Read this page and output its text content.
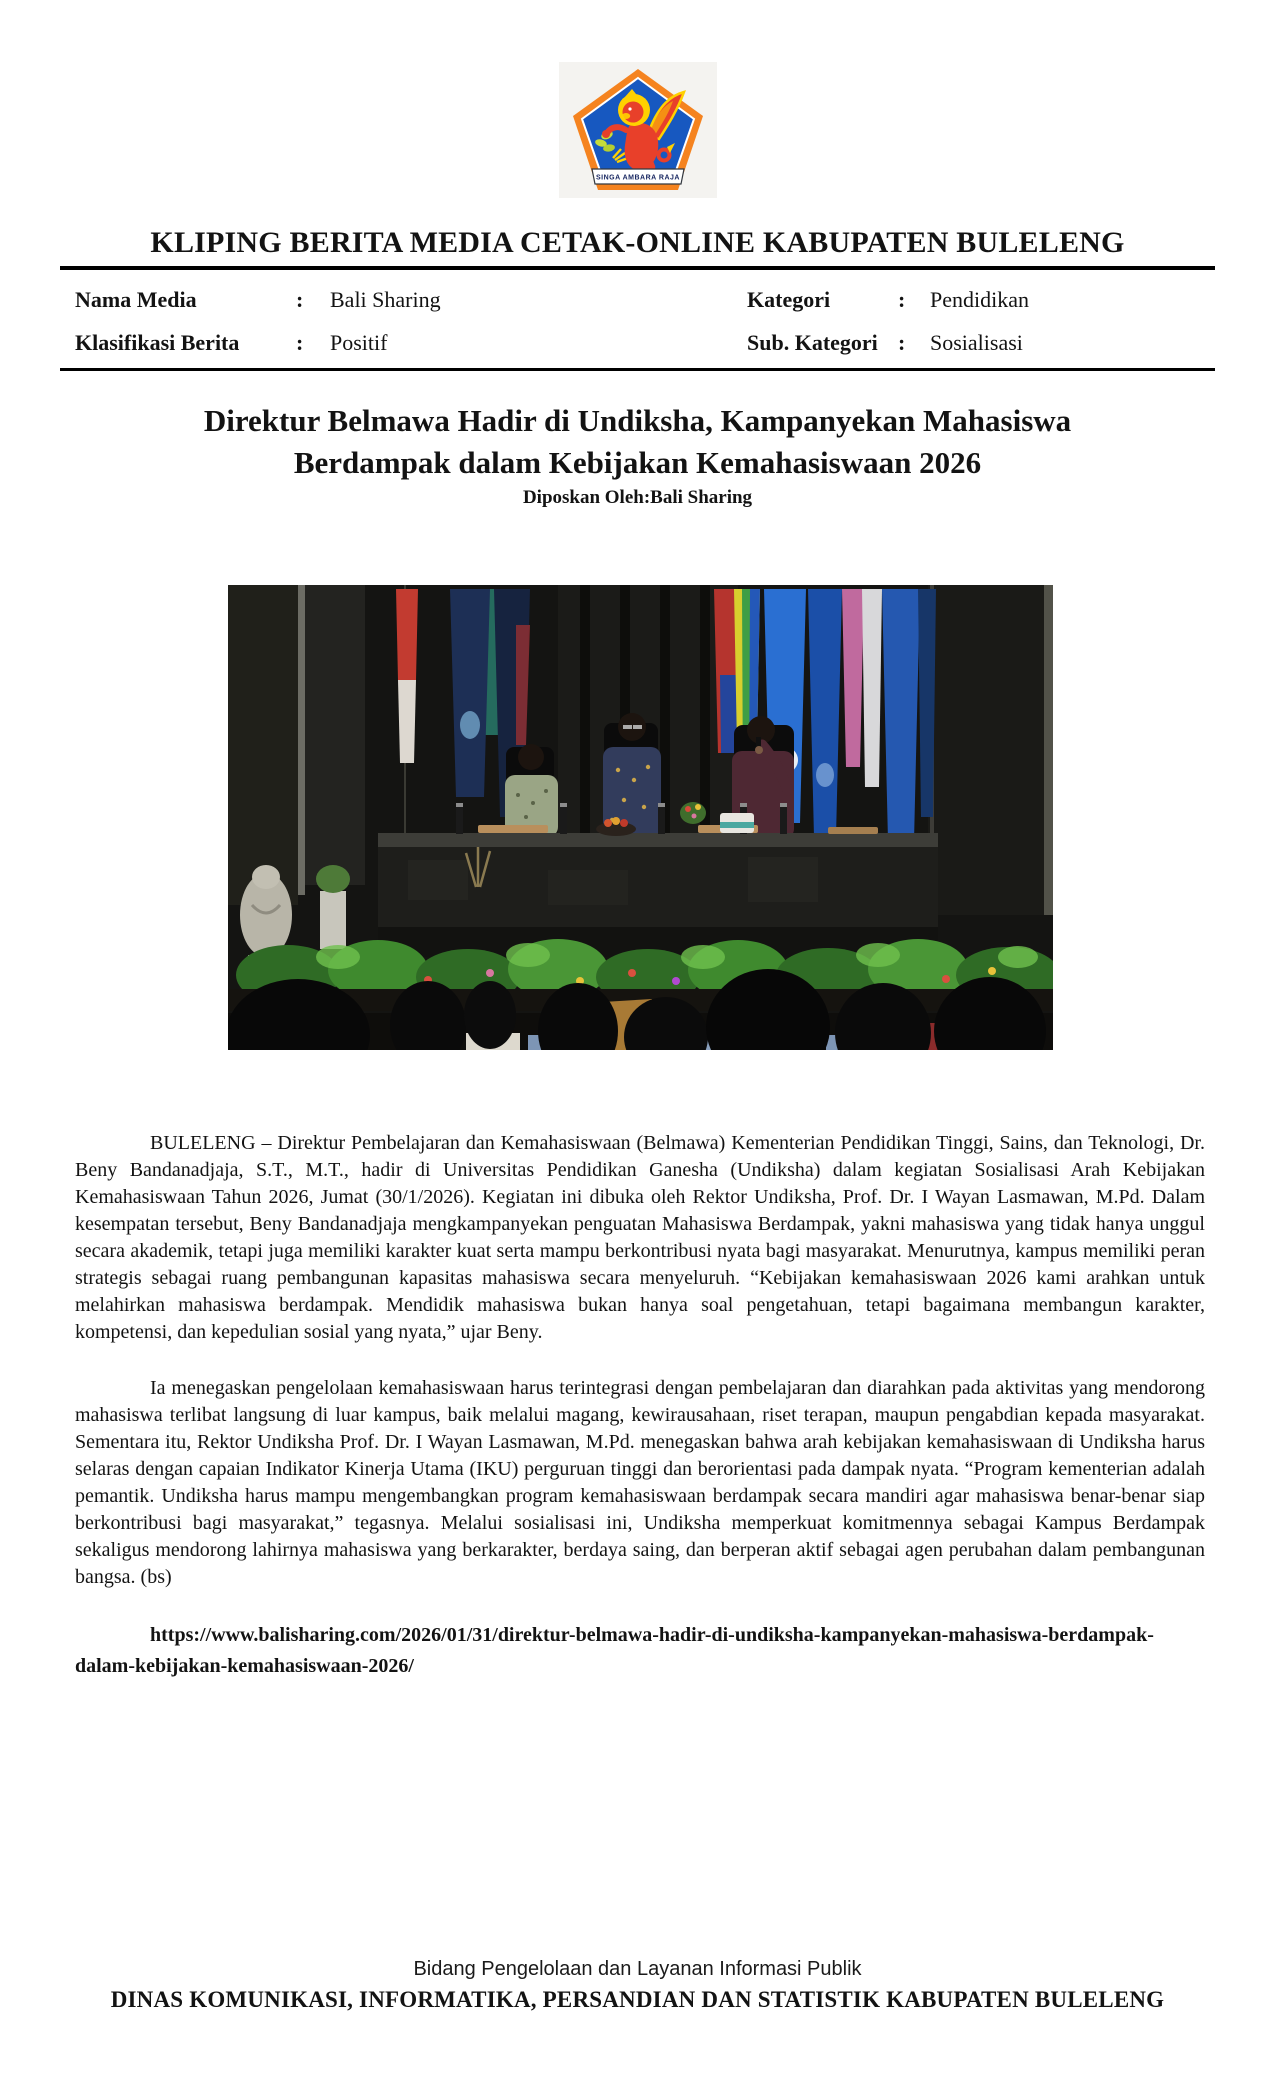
SINGA AMBARA RAJA
KLIPING BERITA MEDIA CETAK-ONLINE KABUPATEN BULELENG
Nama Media	: Bali Sharing	Kategori	: Pendidikan
Klasifikasi Berita	: Positif	Sub. Kategori : Sosialisasi
Direktur Belmawa Hadir di Undiksha, Kampanyekan Mahasiswa Berdampak dalam Kebijakan Kemahasiswaan 2026
Diposkan Oleh:Bali Sharing

BULELENG – Direktur Pembelajaran dan Kemahasiswaan (Belmawa) Kementerian Pendidikan Tinggi, Sains, dan Teknologi, Dr. Beny Bandanadjaja, S.T., M.T., hadir di Universitas Pendidikan Ganesha (Undiksha) dalam kegiatan Sosialisasi Arah Kebijakan Kemahasiswaan Tahun 2026, Jumat (30/1/2026). Kegiatan ini dibuka oleh Rektor Undiksha, Prof. Dr. I Wayan Lasmawan, M.Pd. Dalam kesempatan tersebut, Beny Bandanadjaja mengkampanyekan penguatan Mahasiswa Berdampak, yakni mahasiswa yang tidak hanya unggul secara akademik, tetapi juga memiliki karakter kuat serta mampu berkontribusi nyata bagi masyarakat. Menurutnya, kampus memiliki peran strategis sebagai ruang pembangunan kapasitas mahasiswa secara menyeluruh. “Kebijakan kemahasiswaan 2026 kami arahkan untuk melahirkan mahasiswa berdampak. Mendidik mahasiswa bukan hanya soal pengetahuan, tetapi bagaimana membangun karakter, kompetensi, dan kepedulian sosial yang nyata,” ujar Beny.

Ia menegaskan pengelolaan kemahasiswaan harus terintegrasi dengan pembelajaran dan diarahkan pada aktivitas yang mendorong mahasiswa terlibat langsung di luar kampus, baik melalui magang, kewirausahaan, riset terapan, maupun pengabdian kepada masyarakat. Sementara itu, Rektor Undiksha Prof. Dr. I Wayan Lasmawan, M.Pd. menegaskan bahwa arah kebijakan kemahasiswaan di Undiksha harus selaras dengan capaian Indikator Kinerja Utama (IKU) perguruan tinggi dan berorientasi pada dampak nyata. “Program kementerian adalah pemantik. Undiksha harus mampu mengembangkan program kemahasiswaan berdampak secara mandiri agar mahasiswa benar-benar siap berkontribusi bagi masyarakat,” tegasnya. Melalui sosialisasi ini, Undiksha memperkuat komitmennya sebagai Kampus Berdampak sekaligus mendorong lahirnya mahasiswa yang berkarakter, berdaya saing, dan berperan aktif sebagai agen perubahan dalam pembangunan bangsa. (bs)

https://www.balisharing.com/2026/01/31/direktur-belmawa-hadir-di-undiksha-kampanyekan-mahasiswa-berdampak-dalam-kebijakan-kemahasiswaan-2026/

Bidang Pengelolaan dan Layanan Informasi Publik

DINAS KOMUNIKASI, INFORMATIKA, PERSANDIAN DAN STATISTIK KABUPATEN BULELENG
